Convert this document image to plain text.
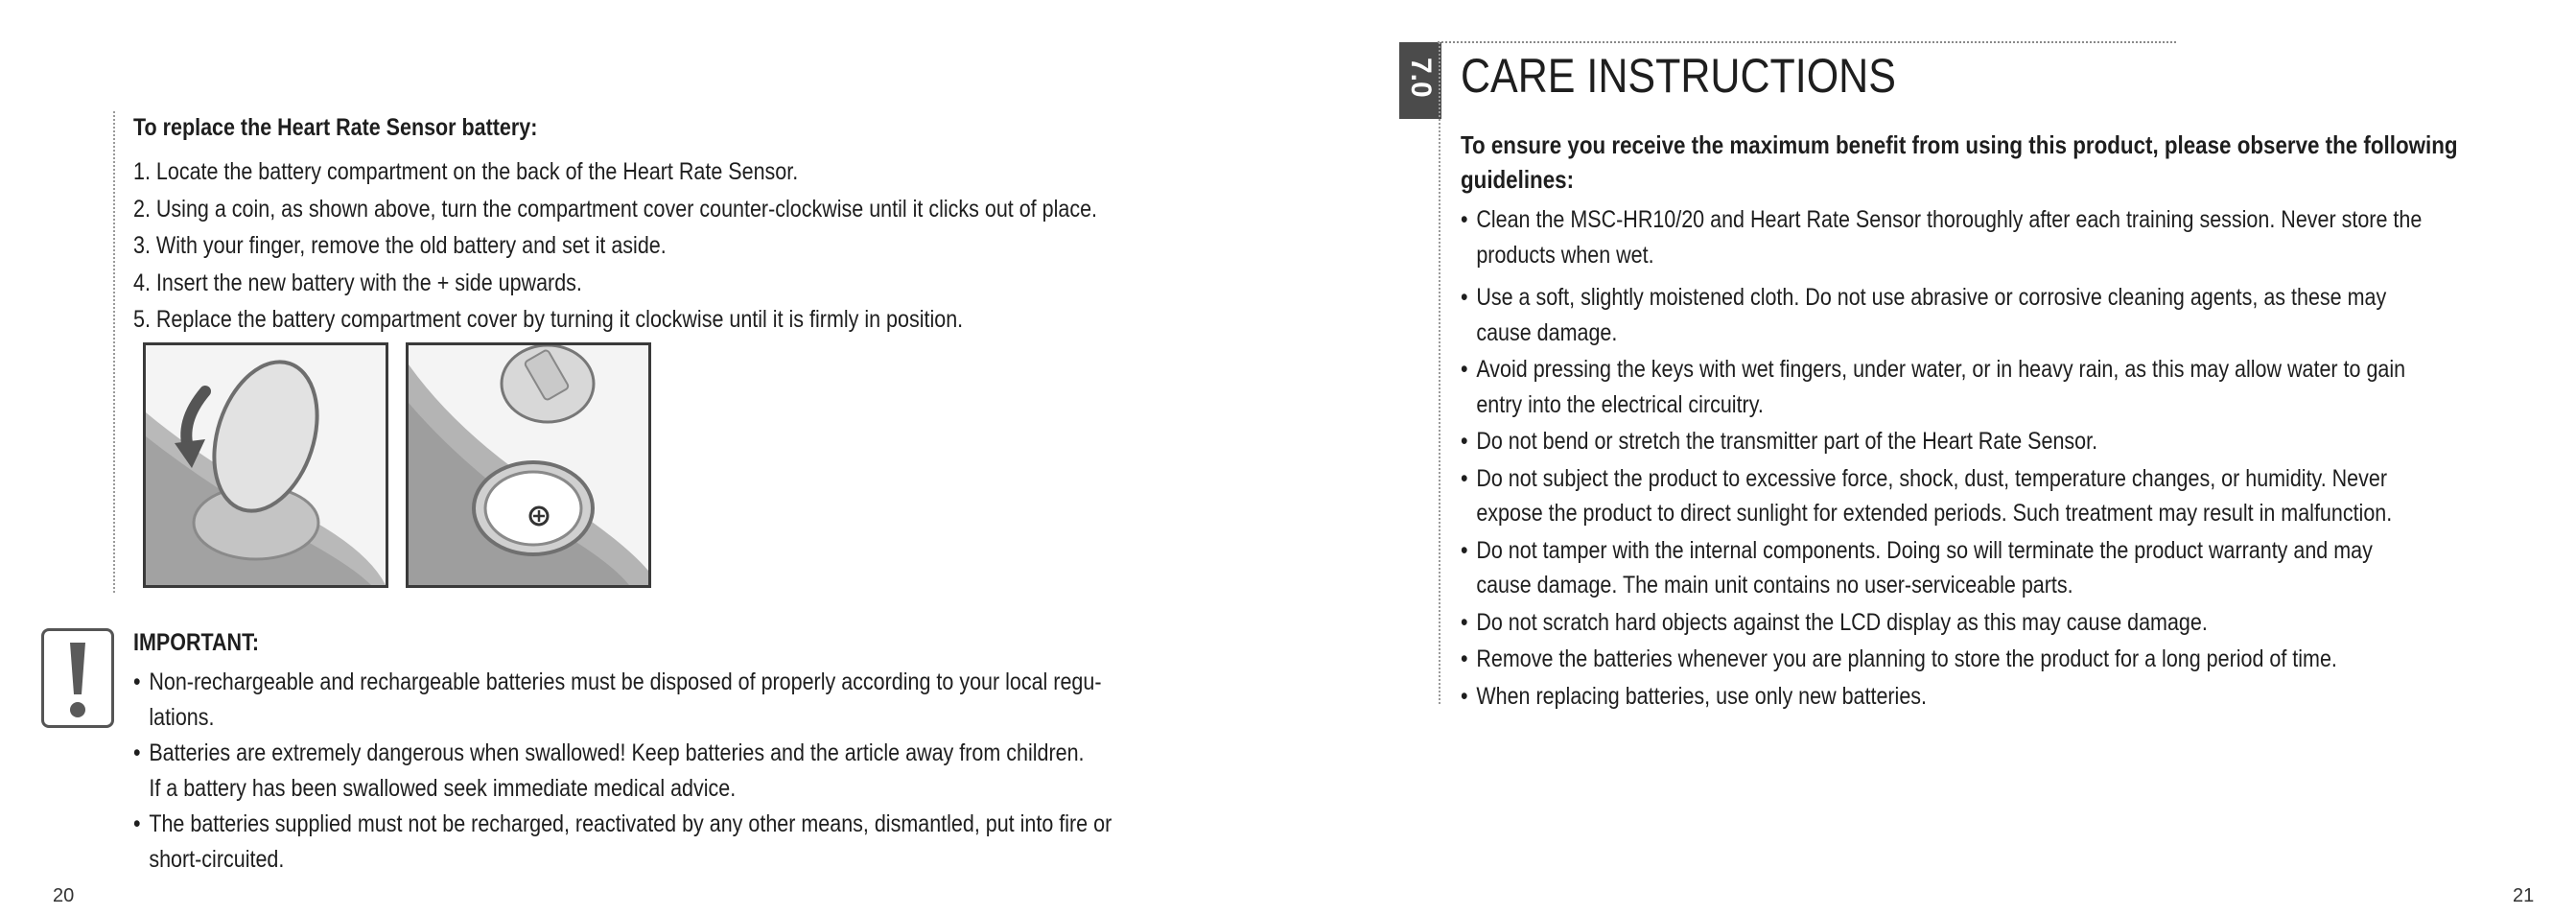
To replace the Heart Rate Sensor battery:
1. Locate the battery compartment on the back of the Heart Rate Sensor.
2. Using a coin, as shown above, turn the compartment cover counter-clockwise until it clicks out of place.
3. With your finger, remove the old battery and set it aside.
4. Insert the new battery with the + side upwards.
5. Replace the battery compartment cover by turning it clockwise until it is firmly in position.
IMPORTANT:
• Non-rechargeable and rechargeable batteries must be disposed of properly according to your local regu-
lations.
• Batteries are extremely dangerous when swallowed! Keep batteries and the article away from children.
If a battery has been swallowed seek immediate medical advice.
• The batteries supplied must not be recharged, reactivated by any other means, dismantled, put into fire or
short-circuited.
20
7.0 CARE INSTRUCTIONS
To ensure you receive the maximum benefit from using this product, please observe the following
guidelines:
• Clean the MSC-HR10/20 and Heart Rate Sensor thoroughly after each training session. Never store the
products when wet.
• Use a soft, slightly moistened cloth. Do not use abrasive or corrosive cleaning agents, as these may
cause damage.
• Avoid pressing the keys with wet fingers, under water, or in heavy rain, as this may allow water to gain
entry into the electrical circuitry.
• Do not bend or stretch the transmitter part of the Heart Rate Sensor.
• Do not subject the product to excessive force, shock, dust, temperature changes, or humidity. Never
expose the product to direct sunlight for extended periods. Such treatment may result in malfunction.
• Do not tamper with the internal components. Doing so will terminate the product warranty and may
cause damage. The main unit contains no user-serviceable parts.
• Do not scratch hard objects against the LCD display as this may cause damage.
• Remove the batteries whenever you are planning to store the product for a long period of time.
• When replacing batteries, use only new batteries.
21
